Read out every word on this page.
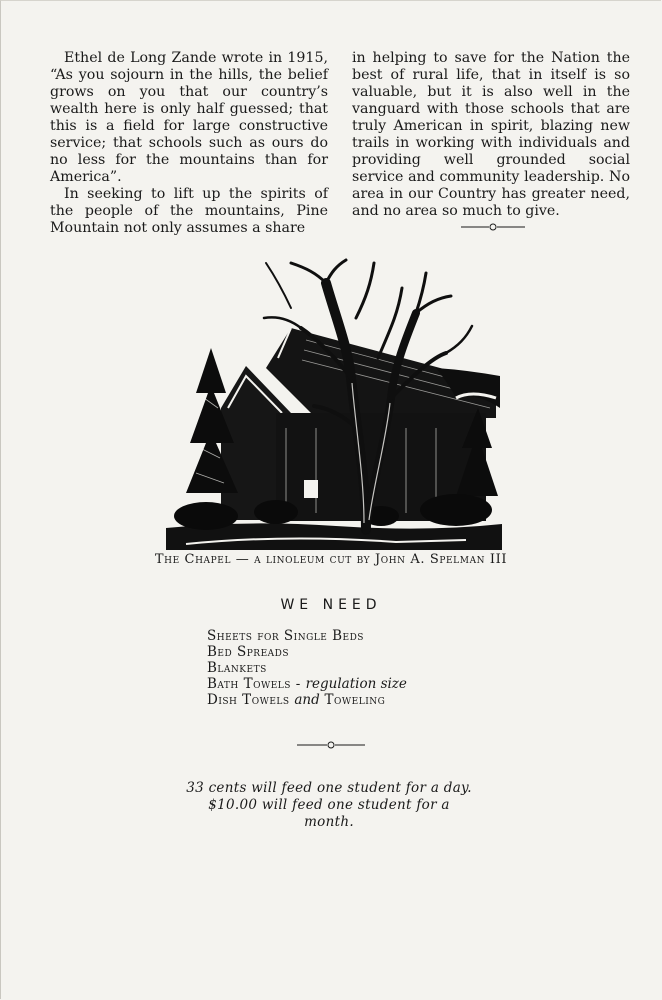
Ethel de Long Zande wrote in 1915, “As you sojourn in the hills, the belief grows on you that our country’s wealth here is only half guessed; that this is a field for large constructive service; that schools such as ours do no less for the mountains than for America”.

In seeking to lift up the spirits of the people of the mountains, Pine Mountain not only assumes a share

in helping to save for the Nation the best of rural life, that in itself is so valuable, but it is also well in the vanguard with those schools that are truly American in spirit, blazing new trails in working with individuals and providing well grounded social service and community leadership. No area in our Country has greater need, and no area so much to give.

The Chapel — a linoleum cut by John A. Spelman III
WE NEED
Sheets for Single Beds
Bed Spreads
Blankets
Bath Towels - regulation size
Dish Towels and Toweling
33 cents will feed one student for a day. $10.00 will feed one student for a month.
